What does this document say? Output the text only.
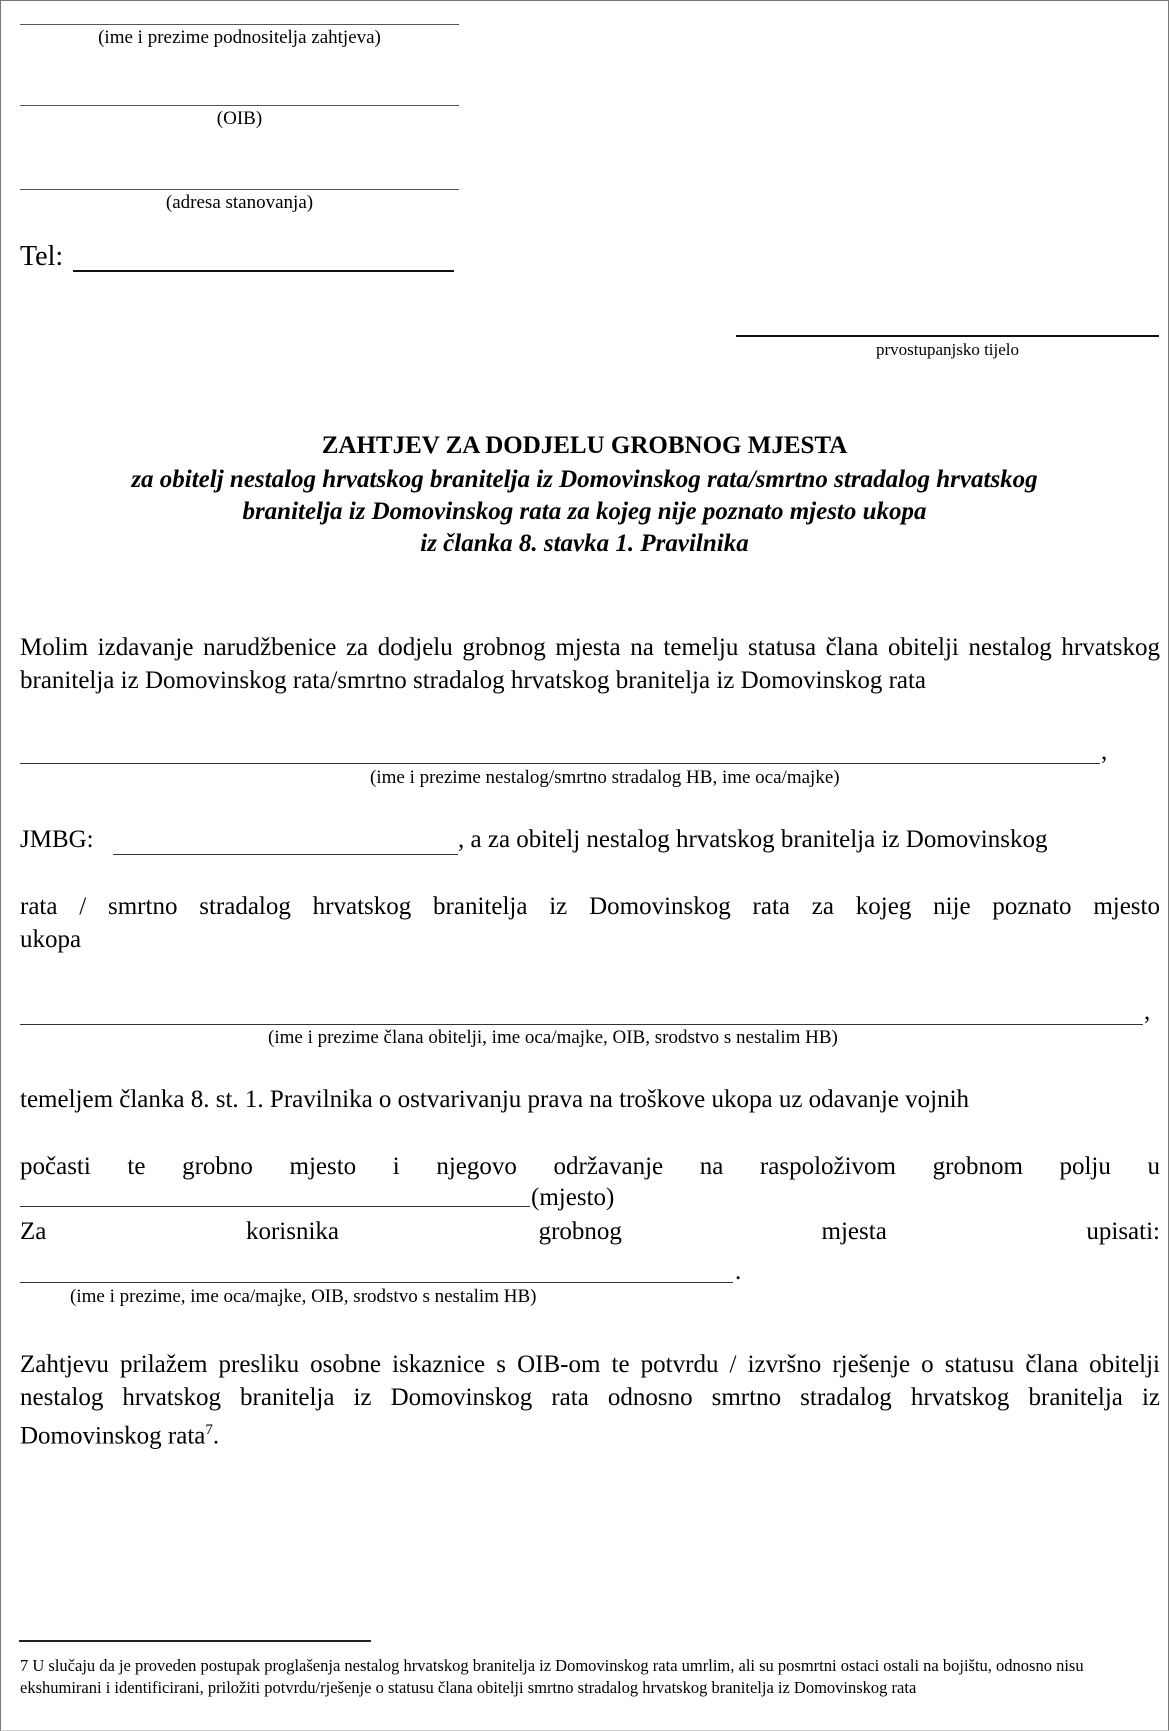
(ime i prezime podnositelja zahtjeva)
(OIB)
(adresa stanovanja)
Tel:
prvostupanjsko tijelo
ZAHTJEV ZA DODJELU GROBNOG MJESTA
za obitelj nestalog hrvatskog branitelja iz Domovinskog rata/smrtno stradalog hrvatskog
branitelja iz Domovinskog rata za kojeg nije poznato mjesto ukopa
iz članka 8. stavka 1. Pravilnika
Molim izdavanje narudžbenice za dodjelu grobnog mjesta na temelju statusa člana obitelji nestalog hrvatskog branitelja iz Domovinskog rata/smrtno stradalog hrvatskog branitelja iz Domovinskog rata
,
(ime i prezime nestalog/smrtno stradalog HB, ime oca/majke)
JMBG:	, a za obitelj nestalog hrvatskog branitelja iz Domovinskog
rata / smrtno stradalog hrvatskog branitelja iz Domovinskog rata za kojeg nije poznato mjesto
ukopa
,
(ime i prezime člana obitelji, ime oca/majke, OIB, srodstvo s nestalim HB)
temeljem članka 8. st. 1. Pravilnika o ostvarivanju prava na troškove ukopa uz odavanje vojnih
počasti te grobno mjesto i njegovo održavanje na raspoloživom grobnom polju u
(mjesto)
Za korisnika grobnog mjesta upisati:
.
(ime i prezime, ime oca/majke, OIB, srodstvo s nestalim HB)
Zahtjevu prilažem presliku osobne iskaznice s OIB-om te potvrdu / izvršno rješenje o statusu člana obitelji nestalog hrvatskog branitelja iz Domovinskog rata odnosno smrtno stradalog hrvatskog branitelja iz Domovinskog rata$^7$.
7 U slučaju da je proveden postupak proglašenja nestalog hrvatskog branitelja iz Domovinskog rata umrlim, ali su posmrtni ostaci ostali na bojištu, odnosno nisu ekshumirani i identificirani, priložiti potvrdu/rješenje o statusu člana obitelji smrtno stradalog hrvatskog branitelja iz Domovinskog rata
